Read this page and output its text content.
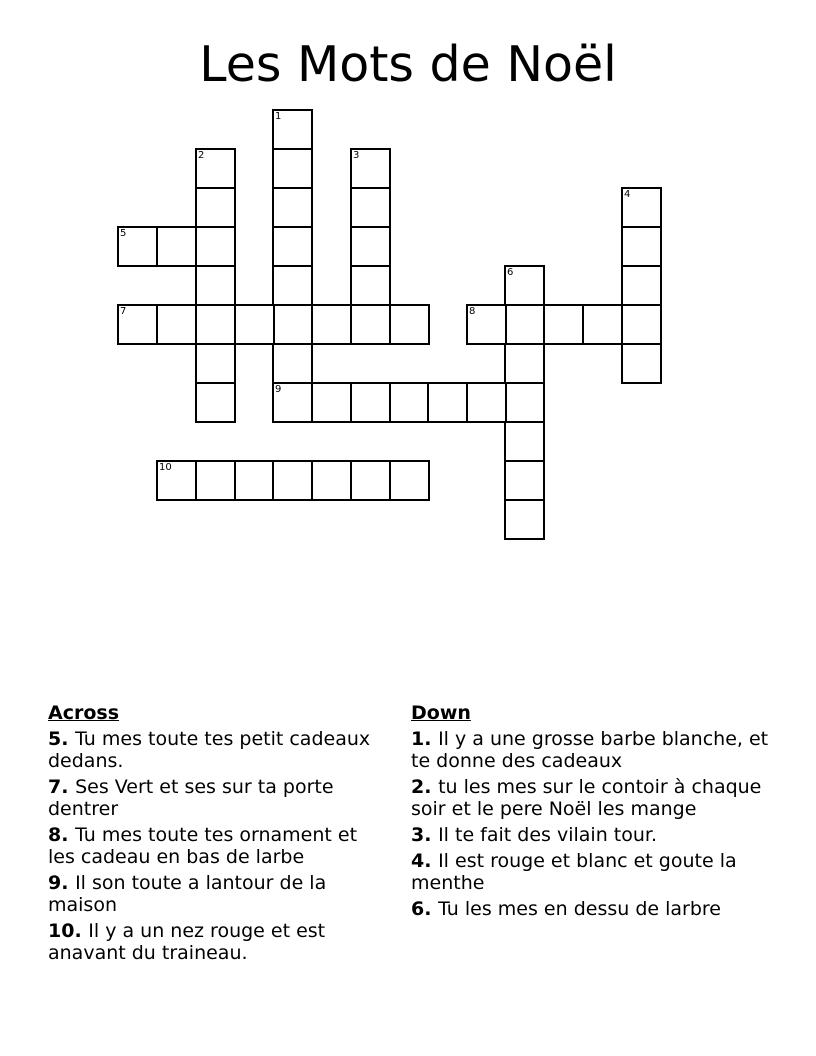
Les Mots de Noël
1
9
2	3
4
5
6
7	8
10
Across
5. Tu mes toute tes petit cadeaux dedans.
7. Ses Vert et ses sur ta porte dentrer
8. Tu mes toute tes ornament et les cadeau en bas de larbe
9. Il son toute a lantour de la maison
10. Il y a un nez rouge et est anavant du traineau.
Down
1. Il y a une grosse barbe blanche, et te donne des cadeaux
2. tu les mes sur le contoir à chaque soir et le pere Noël les mange
3. Il te fait des vilain tour.
4. Il est rouge et blanc et goute la menthe
6. Tu les mes en dessu de larbre
